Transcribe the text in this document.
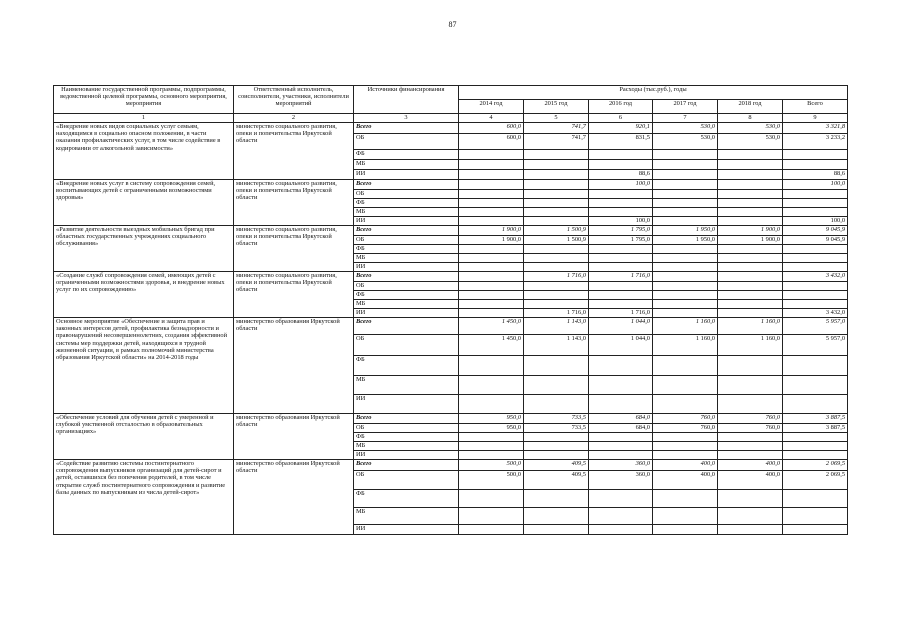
87
Наименование государственной программы, подпрограммы, ведомственной целевой программы, основного мероприятия, мероприятия	Ответственный исполнитель, соисполнители, участники, исполнители мероприятий	Источники финансирования	Расходы (тыс.руб.), годы					
			2014 год	2015 год	2016 год	2017 год	2018 год	Всего
1	2	3	4	5	6	7	8	9
«Внедрение новых видов социальных услуг семьям, находящимся в социально опасном положении, в части оказания профилактических услуг, в том числе содействие в кодировании от алкогольной зависимости»	министерство социального развития, опеки и попечительства Иркутской области	Всего	600,0	741,7	920,1	530,0	530,0	3 321,8
		ОБ	600,0	741,7	831,5	530,0	530,0	3 233,2
		ФБ						
		МБ						
		ИИ			88,6			88,6
«Внедрение новых услуг в систему сопровождения семей, воспитывающих детей с ограниченными возможностями здоровья»	министерство социального развития, опеки и попечительства Иркутской области	Всего			100,0			100,0
		ОБ						
		ФБ						
		МБ						
		ИИ			100,0			100,0
«Развитие деятельности выездных мобильных бригад при областных государственных учреждениях социального обслуживания»	министерство социального развития, опеки и попечительства Иркутской области	Всего	1 900,0	1 500,9	1 795,0	1 950,0	1 900,0	9 045,9
		ОБ	1 900,0	1 500,9	1 795,0	1 950,0	1 900,0	9 045,9
		ФБ						
		МБ						
		ИИ						
«Создание служб сопровождения семей, имеющих детей с ограниченными возможностями здоровья, и внедрение новых услуг по их сопровождению»	министерство социального развития, опеки и попечительства Иркутской области	Всего		1 716,0	1 716,0			3 432,0
		ОБ						
		ФБ						
		МБ						
		ИИ		1 716,0	1 716,0			3 432,0
Основное мероприятие «Обеспечение и защита прав и законных интересов детей, профилактика безнадзорности и правонарушений несовершеннолетних, создания эффективной системы мер поддержки детей, находящихся в трудной жизненной ситуации, в рамках полномочий министерства образования Иркутской области» на 2014-2018 годы	министерство образования Иркутской области	Всего	1 450,0	1 143,0	1 044,0	1 160,0	1 160,0	5 957,0
		ОБ	1 450,0	1 143,0	1 044,0	1 160,0	1 160,0	5 957,0
		ФБ						
		МБ						
		ИИ						
«Обеспечение условий для обучения детей с умеренной и глубокой умственной отсталостью в образовательных организациях»	министерство образования Иркутской области	Всего	950,0	733,5	684,0	760,0	760,0	3 887,5
		ОБ	950,0	733,5	684,0	760,0	760,0	3 887,5
		ФБ						
		МБ						
		ИИ						
«Содействие развитию системы постинтернатного сопровождения выпускников организаций для детей-сирот и детей, оставшихся без попечения родителей, в том числе открытие служб постинтернатного сопровождения и развитие базы данных по выпускникам из числа детей-сирот»	министерство образования Иркутской области	Всего	500,0	409,5	360,0	400,0	400,0	2 069,5
		ОБ	500,0	409,5	360,0	400,0	400,0	2 069,5
		ФБ						
		МБ						
		ИИ						
